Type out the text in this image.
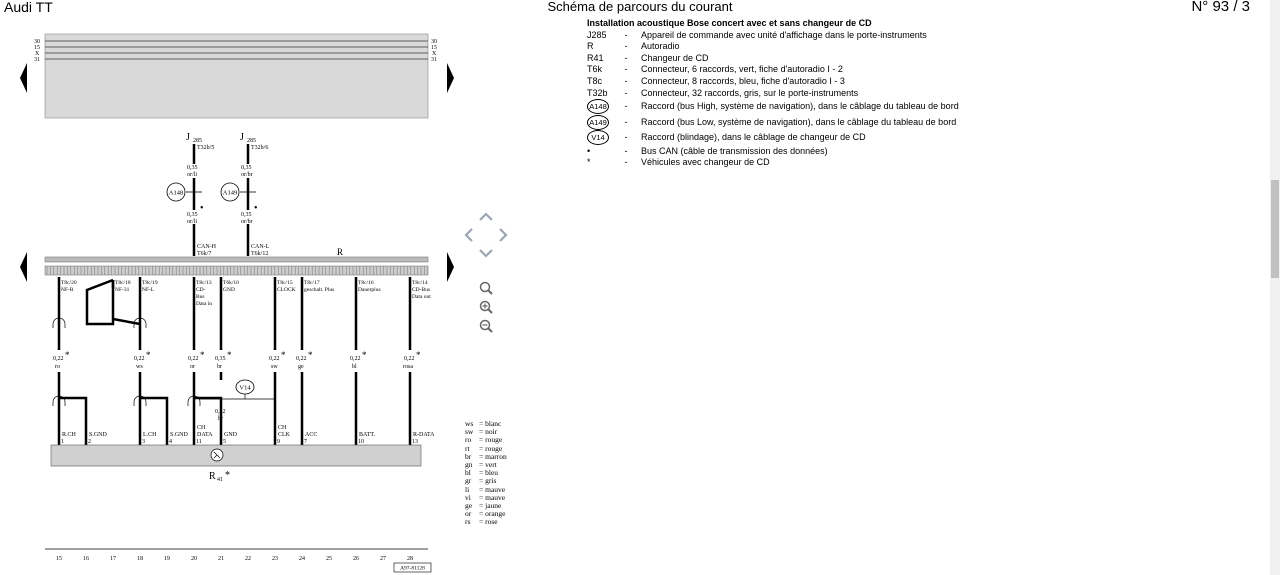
Audi TT	Schéma de parcours du courant	N° 93 / 3
30
15
X
31
30
15
X
31
J 285
T32b/5
0,35
or/li
0,35
or/li
CAN-H
T6k/7
•
A148
J 285
T32b/6
0,35
or/br
0,35
or/br
CAN-L
T6k/12
•
A149
R
T8c/20
NF-R
T8c/18
NF-31
T8c/19
NF-L
T8c/13
CD-
Bus
Data in
T6k/10
GND
T8c/15
CLOCK
T8c/17
geschalt. Plus
T8c/16
Dauerplus
T8c/14
CD-Bus
Data out
0,22
ro
*	0,22
ws
*	0,22
or
* 0,35
br
*	0,22
sw
* 0,22
ge
*	0,22
bl
*	0,22
rosa
*
V14
0,22
br
R.CH
1
S.GND
2
L.CH
3
S.GND
4
CH
DATA
11
GND
5
CH
CLK
9
ACC
7
BATT.
10
R-DATA
13
R 41 *
15	16	17	18	19	20	21	22	23	24	25	26	27	28
A97-81128
ws = blanc
sw = noir
ro = rouge
rt = rouge
br = marron
gn = vert
bl = bleu
gr = gris
li = mauve
vi = mauve
ge = jaune
or = orange
rs = rose
Installation acoustique Bose concert avec et sans changeur de CD
J285	-	Appareil de commande avec unité d'affichage dans le porte-instruments
R	-	Autoradio
R41	-	Changeur de CD
T6k	-	Connecteur, 6 raccords, vert, fiche d'autoradio I - 2
T8c	-	Connecteur, 8 raccords, bleu, fiche d'autoradio I - 3
T32b	-	Connecteur, 32 raccords, gris, sur le porte-instruments
A148	-	Raccord (bus High, système de navigation), dans le câblage du tableau de bord
A149	-	Raccord (bus Low, système de navigation), dans le câblage du tableau de bord
V14	-	Raccord (blindage), dans le câblage de changeur de CD
•	-	Bus CAN (câble de transmission des données)
*	-	Véhicules avec changeur de CD
